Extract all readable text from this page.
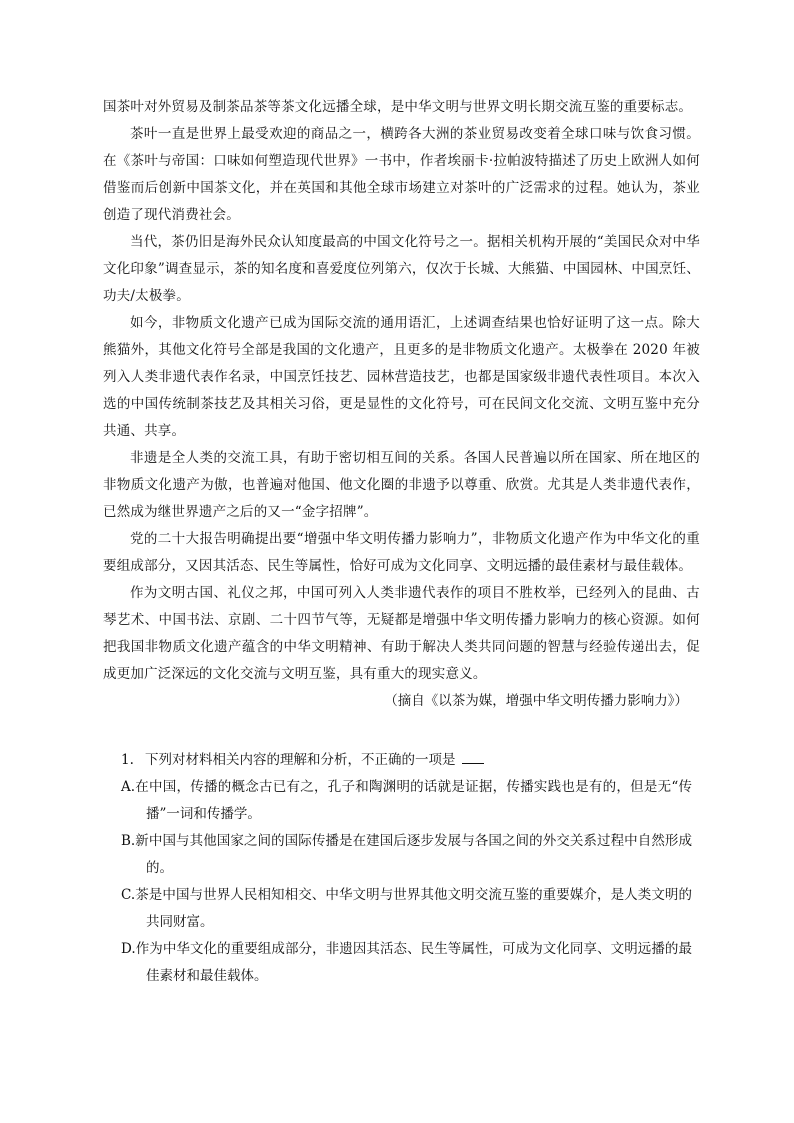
国茶叶对外贸易及制茶品茶等茶文化远播全球，是中华文明与世界文明长期交流互鉴的重要标志。

茶叶一直是世界上最受欢迎的商品之一，横跨各大洲的茶业贸易改变着全球口味与饮食习惯。在《茶叶与帝国：口味如何塑造现代世界》一书中，作者埃丽卡·拉帕波特描述了历史上欧洲人如何借鉴而后创新中国茶文化，并在英国和其他全球市场建立对茶叶的广泛需求的过程。她认为，茶业创造了现代消费社会。

当代，茶仍旧是海外民众认知度最高的中国文化符号之一。据相关机构开展的“美国民众对中华文化印象”调查显示，茶的知名度和喜爱度位列第六，仅次于长城、大熊猫、中国园林、中国烹饪、功夫/太极拳。

如今，非物质文化遗产已成为国际交流的通用语汇，上述调查结果也恰好证明了这一点。除大熊猫外，其他文化符号全部是我国的文化遗产，且更多的是非物质文化遗产。太极拳在 2020 年被列入人类非遗代表作名录，中国烹饪技艺、园林营造技艺，也都是国家级非遗代表性项目。本次入选的中国传统制茶技艺及其相关习俗，更是显性的文化符号，可在民间文化交流、文明互鉴中充分共通、共享。

非遗是全人类的交流工具，有助于密切相互间的关系。各国人民普遍以所在国家、所在地区的非物质文化遗产为傲，也普遍对他国、他文化圈的非遗予以尊重、欣赏。尤其是人类非遗代表作，已然成为继世界遗产之后的又一“金字招牌”。

党的二十大报告明确提出要“增强中华文明传播力影响力”，非物质文化遗产作为中华文化的重要组成部分，又因其活态、民生等属性，恰好可成为文化同享、文明远播的最佳素材与最佳载体。

作为文明古国、礼仪之邦，中国可列入人类非遗代表作的项目不胜枚举，已经列入的昆曲、古琴艺术、中国书法、京剧、二十四节气等，无疑都是增强中华文明传播力影响力的核心资源。如何把我国非物质文化遗产蕴含的中华文明精神、有助于解决人类共同问题的智慧与经验传递出去，促成更加广泛深远的文化交流与文明互鉴，具有重大的现实意义。

（摘自《以茶为媒，增强中华文明传播力影响力》）

1. 下列对材料相关内容的理解和分析，不正确的一项是

A.在中国，传播的概念古已有之，孔子和陶渊明的话就是证据，传播实践也是有的，但是无“传播”一词和传播学。

B.新中国与其他国家之间的国际传播是在建国后逐步发展与各国之间的外交关系过程中自然形成的。

C.茶是中国与世界人民相知相交、中华文明与世界其他文明交流互鉴的重要媒介，是人类文明的共同财富。

D.作为中华文化的重要组成部分，非遗因其活态、民生等属性，可成为文化同享、文明远播的最佳素材和最佳载体。
